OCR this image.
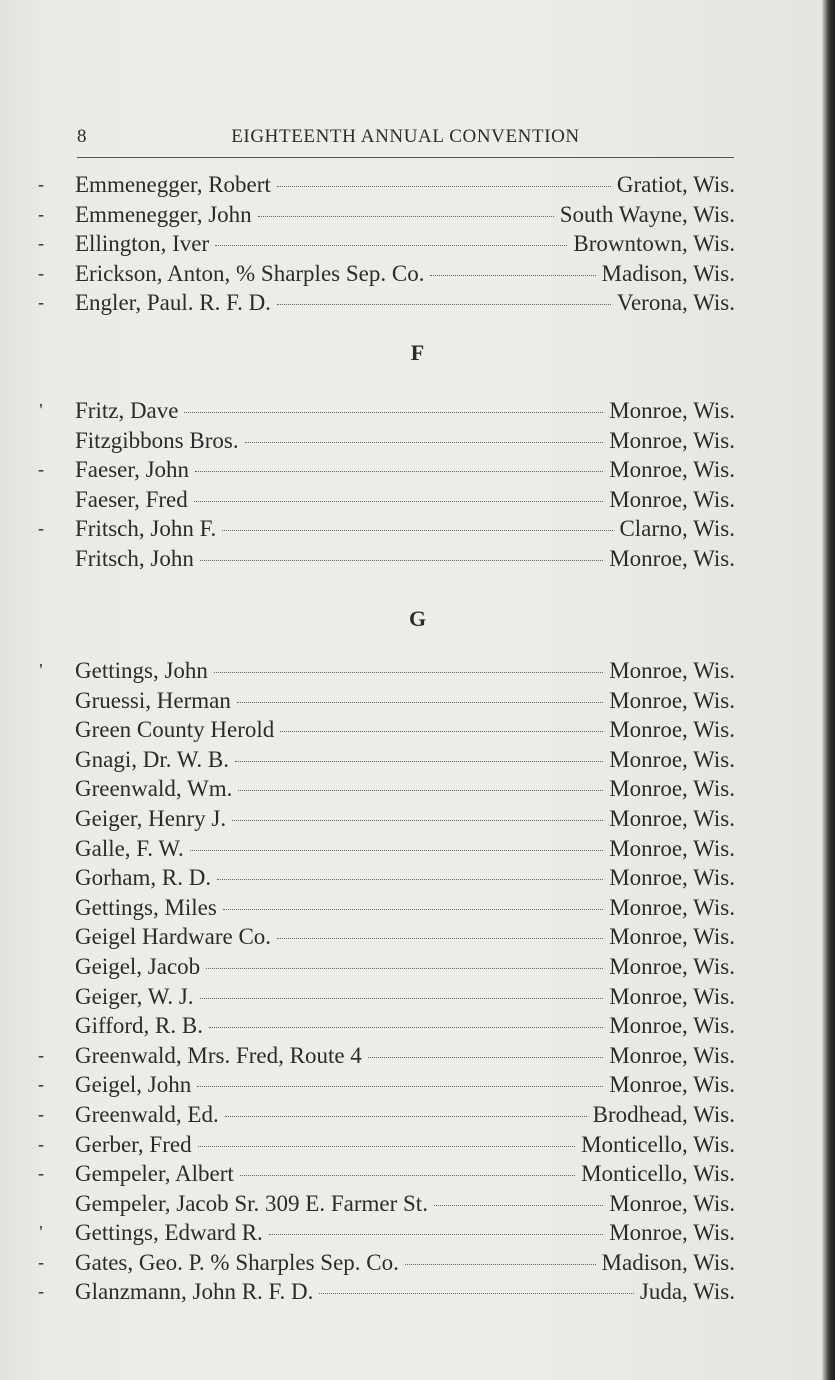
8	EIGHTEENTH ANNUAL CONVENTION
-	Emmenegger, Robert	Gratiot, Wis.
-	Emmenegger, John	South Wayne, Wis.
-	Ellington, Iver	Browntown, Wis.
-	Erickson, Anton, % Sharples Sep. Co.	Madison, Wis.
-	Engler, Paul. R. F. D.	Verona, Wis.
F
'	Fritz, Dave	Monroe, Wis.
Fitzgibbons Bros.	Monroe, Wis.
-	Faeser, John	Monroe, Wis.
Faeser, Fred	Monroe, Wis.
-	Fritsch, John F.	Clarno, Wis.
Fritsch, John	Monroe, Wis.
G
'	Gettings, John	Monroe, Wis.
Gruessi, Herman	Monroe, Wis.
Green County Herold	Monroe, Wis.
Gnagi, Dr. W. B.	Monroe, Wis.
Greenwald, Wm.	Monroe, Wis.
Geiger, Henry J.	Monroe, Wis.
Galle, F. W.	Monroe, Wis.
Gorham, R. D.	Monroe, Wis.
Gettings, Miles	Monroe, Wis.
Geigel Hardware Co.	Monroe, Wis.
Geigel, Jacob	Monroe, Wis.
Geiger, W. J.	Monroe, Wis.
Gifford, R. B.	Monroe, Wis.
-	Greenwald, Mrs. Fred, Route 4	Monroe, Wis.
-	Geigel, John	Monroe, Wis.
-	Greenwald, Ed.	Brodhead, Wis.
-	Gerber, Fred	Monticello, Wis.
-	Gempeler, Albert	Monticello, Wis.
Gempeler, Jacob Sr. 309 E. Farmer St.	Monroe, Wis.
'	Gettings, Edward R.	Monroe, Wis.
-	Gates, Geo. P. % Sharples Sep. Co.	Madison, Wis.
-	Glanzmann, John R. F. D.	Juda, Wis.
